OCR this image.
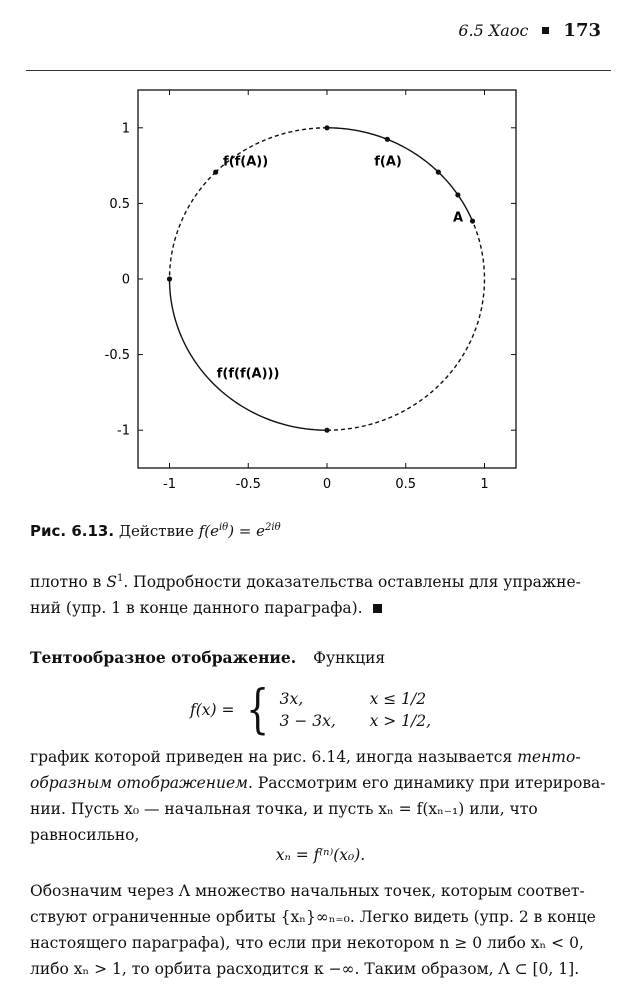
6.5 Хаос 173
-1	-0.5	0	0.5	1
1
0.5
0
-0.5
-1
A
f(A)
f(f(A))
f(f(f(A)))
Рис. 6.13. Действие $f(e^{i\theta}) = e^{2i\theta}$
плотно в $S^1$. Подробности доказательства оставлены для упражне-
ний (упр. 1 в конце данного параграфа).
Тентообразное отображение. Функция
f(x) = { 3x,	x ≤ 1/2
3 − 3x,	x > 1/2,
график которой приведен на рис. 6.14, иногда называется тенто-
образным отображением. Рассмотрим его динамику при итерирова-
нии. Пусть x₀ — начальная точка, и пусть xₙ = f(xₙ₋₁) или, что
равносильно,
xₙ = f⁽ⁿ⁾(x₀).
Обозначим через Λ множество начальных точек, которым соответ-
ствуют ограниченные орбиты {xₙ}∞ₙ₌₀. Легко видеть (упр. 2 в конце
настоящего параграфа), что если при некотором n ≥ 0 либо xₙ < 0,
либо xₙ > 1, то орбита расходится к −∞. Таким образом, Λ ⊂ [0, 1].
